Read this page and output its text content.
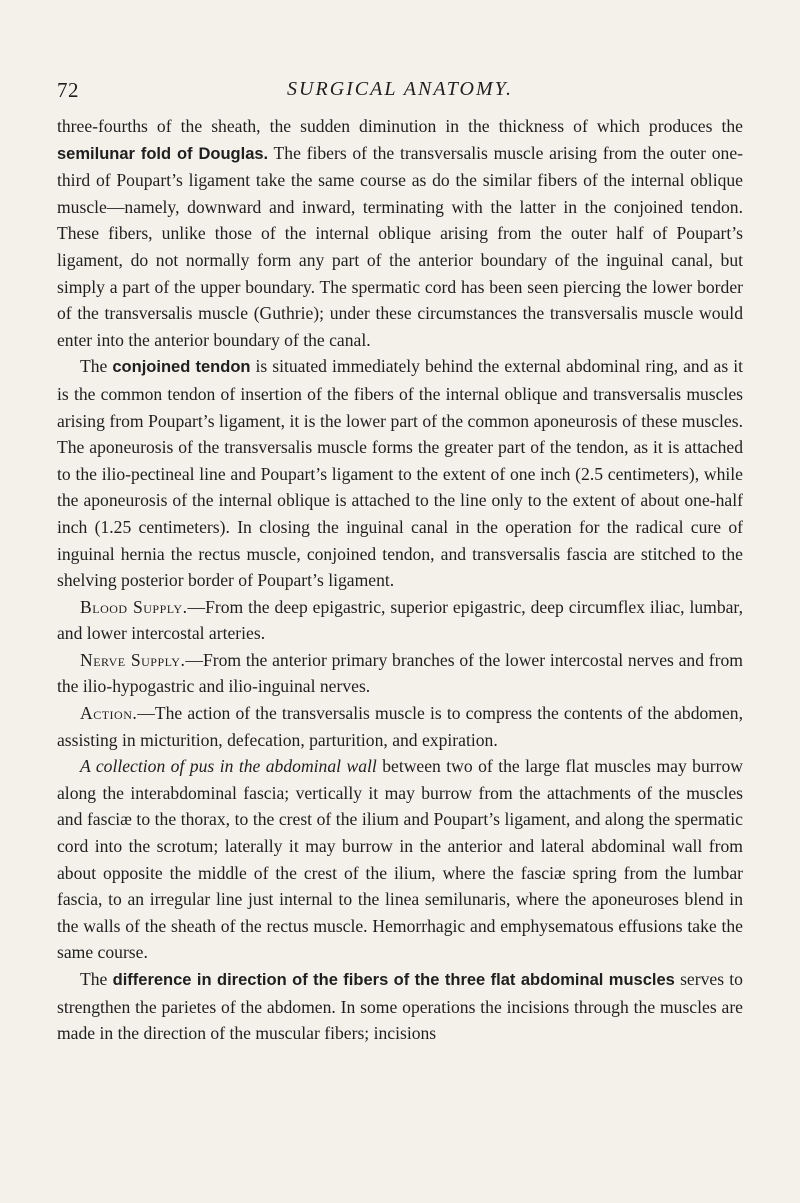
72	SURGICAL ANATOMY.

three-fourths of the sheath, the sudden diminution in the thickness of which produces the semilunar fold of Douglas. The fibers of the transversalis muscle arising from the outer one-third of Poupart’s ligament take the same course as do the similar fibers of the internal oblique muscle—namely, downward and inward, terminating with the latter in the conjoined tendon. These fibers, unlike those of the internal oblique arising from the outer half of Poupart’s ligament, do not normally form any part of the anterior boundary of the inguinal canal, but simply a part of the upper boundary. The spermatic cord has been seen piercing the lower border of the transversalis muscle (Guthrie); under these circumstances the transversalis muscle would enter into the anterior boundary of the canal.

The conjoined tendon is situated immediately behind the external abdominal ring, and as it is the common tendon of insertion of the fibers of the internal oblique and transversalis muscles arising from Poupart’s ligament, it is the lower part of the common aponeurosis of these muscles. The aponeurosis of the transversalis muscle forms the greater part of the tendon, as it is attached to the ilio-pectineal line and Poupart’s ligament to the extent of one inch (2.5 centimeters), while the aponeurosis of the internal oblique is attached to the line only to the extent of about one-half inch (1.25 centimeters). In closing the inguinal canal in the operation for the radical cure of inguinal hernia the rectus muscle, conjoined tendon, and transversalis fascia are stitched to the shelving posterior border of Poupart’s ligament.

Blood Supply.—From the deep epigastric, superior epigastric, deep circumflex iliac, lumbar, and lower intercostal arteries.

Nerve Supply.—From the anterior primary branches of the lower intercostal nerves and from the ilio-hypogastric and ilio-inguinal nerves.

Action.—The action of the transversalis muscle is to compress the contents of the abdomen, assisting in micturition, defecation, parturition, and expiration.

A collection of pus in the abdominal wall between two of the large flat muscles may burrow along the interabdominal fascia; vertically it may burrow from the attachments of the muscles and fasciæ to the thorax, to the crest of the ilium and Poupart’s ligament, and along the spermatic cord into the scrotum; laterally it may burrow in the anterior and lateral abdominal wall from about opposite the middle of the crest of the ilium, where the fasciæ spring from the lumbar fascia, to an irregular line just internal to the linea semilunaris, where the aponeuroses blend in the walls of the sheath of the rectus muscle. Hemorrhagic and emphysematous effusions take the same course.

The difference in direction of the fibers of the three flat abdominal muscles serves to strengthen the parietes of the abdomen. In some operations the incisions through the muscles are made in the direction of the muscular fibers; incisions
